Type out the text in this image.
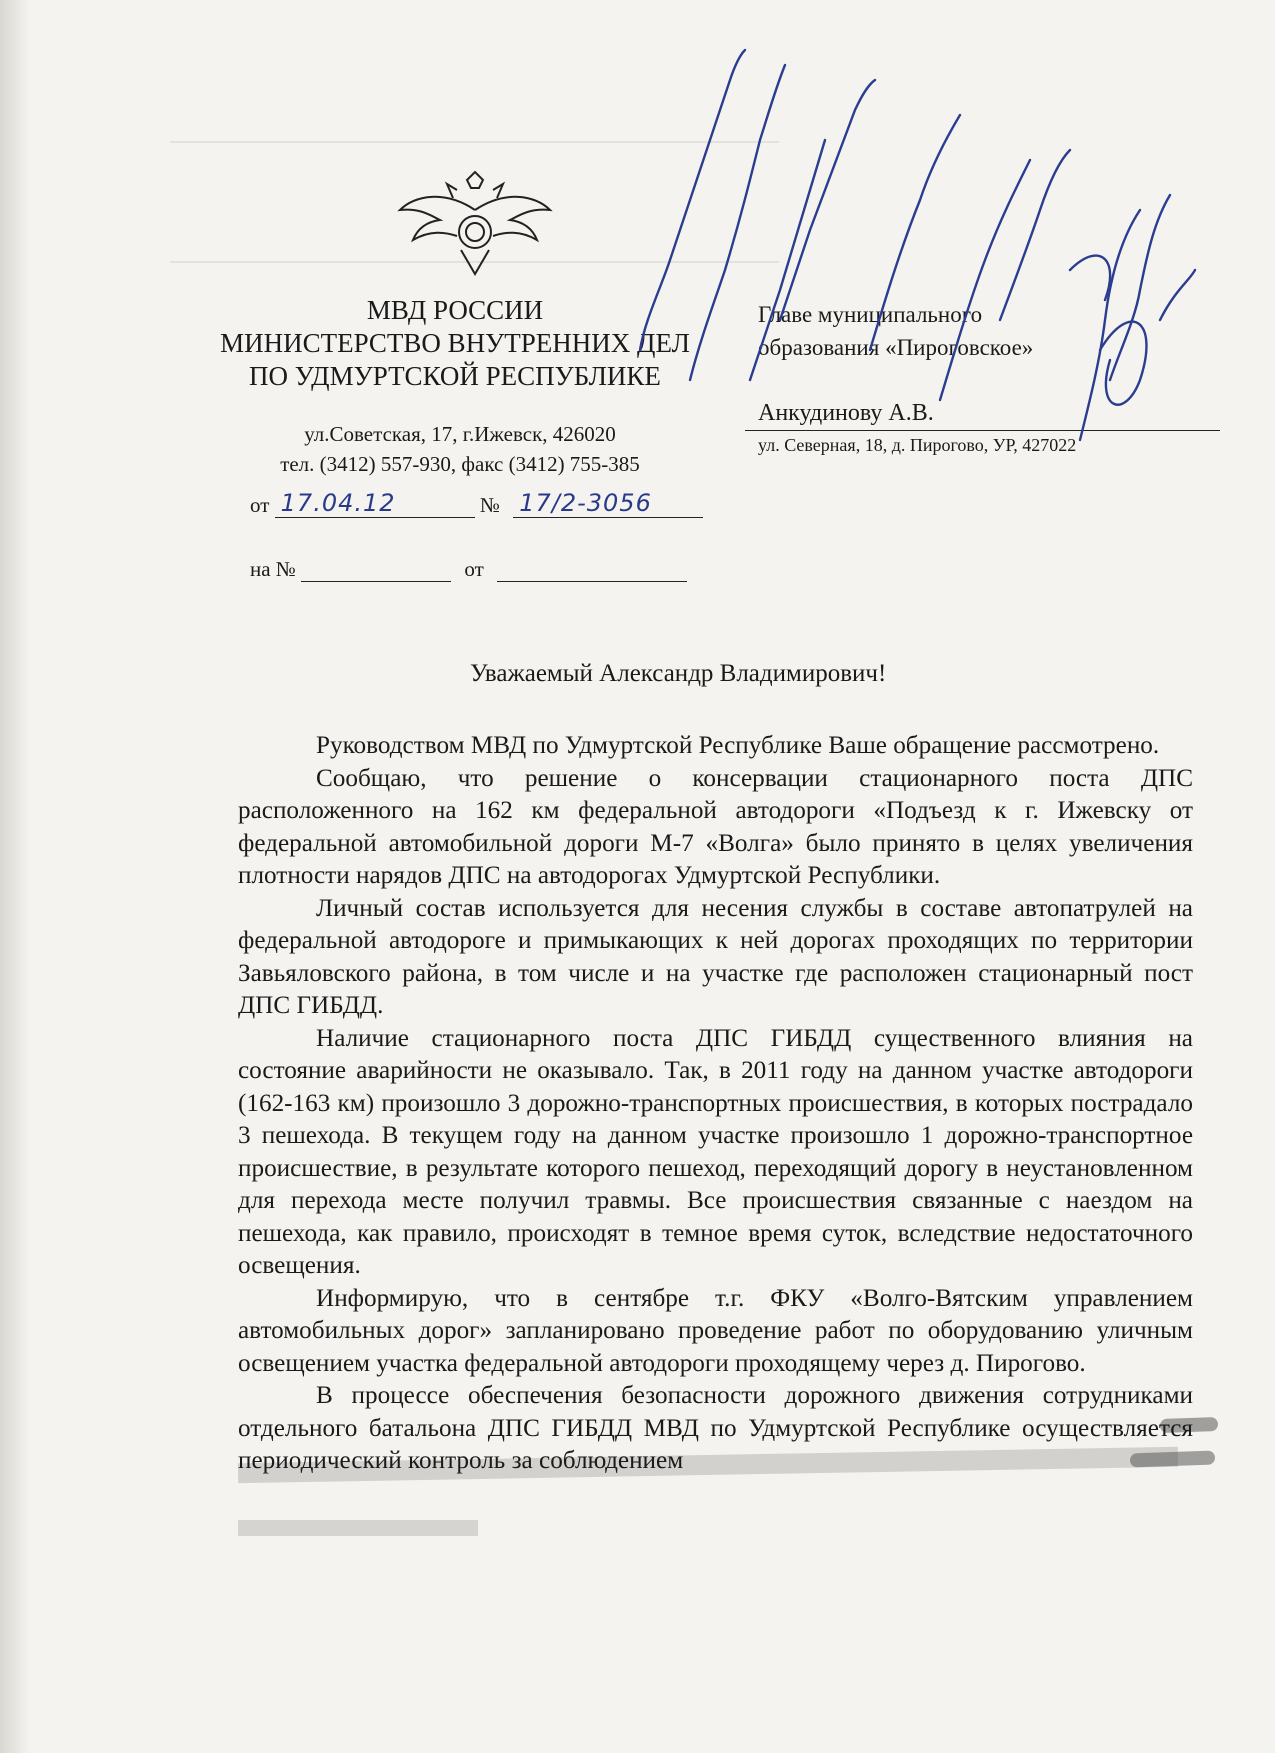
—————————————————————————————
—————————————————————————————
МВД РОССИИ
МИНИСТЕРСТВО ВНУТРЕННИХ ДЕЛ
ПО УДМУРТСКОЙ РЕСПУБЛИКЕ
ул.Советская, 17, г.Ижевск, 426020
тел. (3412) 557-930, факс (3412) 755-385
от 17.04.12	№ 17/2-3056
на №	от
Главе муниципального
образования «Пироговское»
Анкудинову А.В.
ул. Северная, 18, д. Пирогово, УР, 427022
Уважаемый Александр Владимирович!

Руководством МВД по Удмуртской Республике Ваше обращение рассмотрено.

Сообщаю, что решение о консервации стационарного поста ДПС расположенного на 162 км федеральной автодороги «Подъезд к г. Ижевску от федеральной автомобильной дороги М-7 «Волга» было принято в целях увеличения плотности нарядов ДПС на автодорогах Удмуртской Республики.

Личный состав используется для несения службы в составе автопатрулей на федеральной автодороге и примыкающих к ней дорогах проходящих по территории Завьяловского района, в том числе и на участке где расположен стационарный пост ДПС ГИБДД.

Наличие стационарного поста ДПС ГИБДД существенного влияния на состояние аварийности не оказывало. Так, в 2011 году на данном участке автодороги (162-163 км) произошло 3 дорожно-транспортных происшествия, в которых пострадало 3 пешехода. В текущем году на данном участке произошло 1 дорожно-транспортное происшествие, в результате которого пешеход, переходящий дорогу в неустановленном для перехода месте получил травмы. Все происшествия связанные с наездом на пешехода, как правило, происходят в темное время суток, вследствие недостаточного освещения.

Информирую, что в сентябре т.г. ФКУ «Волго-Вятским управлением автомобильных дорог» запланировано проведение работ по оборудованию уличным освещением участка федеральной автодороги проходящему через д. Пирогово.

В процессе обеспечения безопасности дорожного движения сотрудниками отдельного батальона ДПС ГИБДД МВД по Удмуртской Республике осуществляется периодический контроль за соблюдением
